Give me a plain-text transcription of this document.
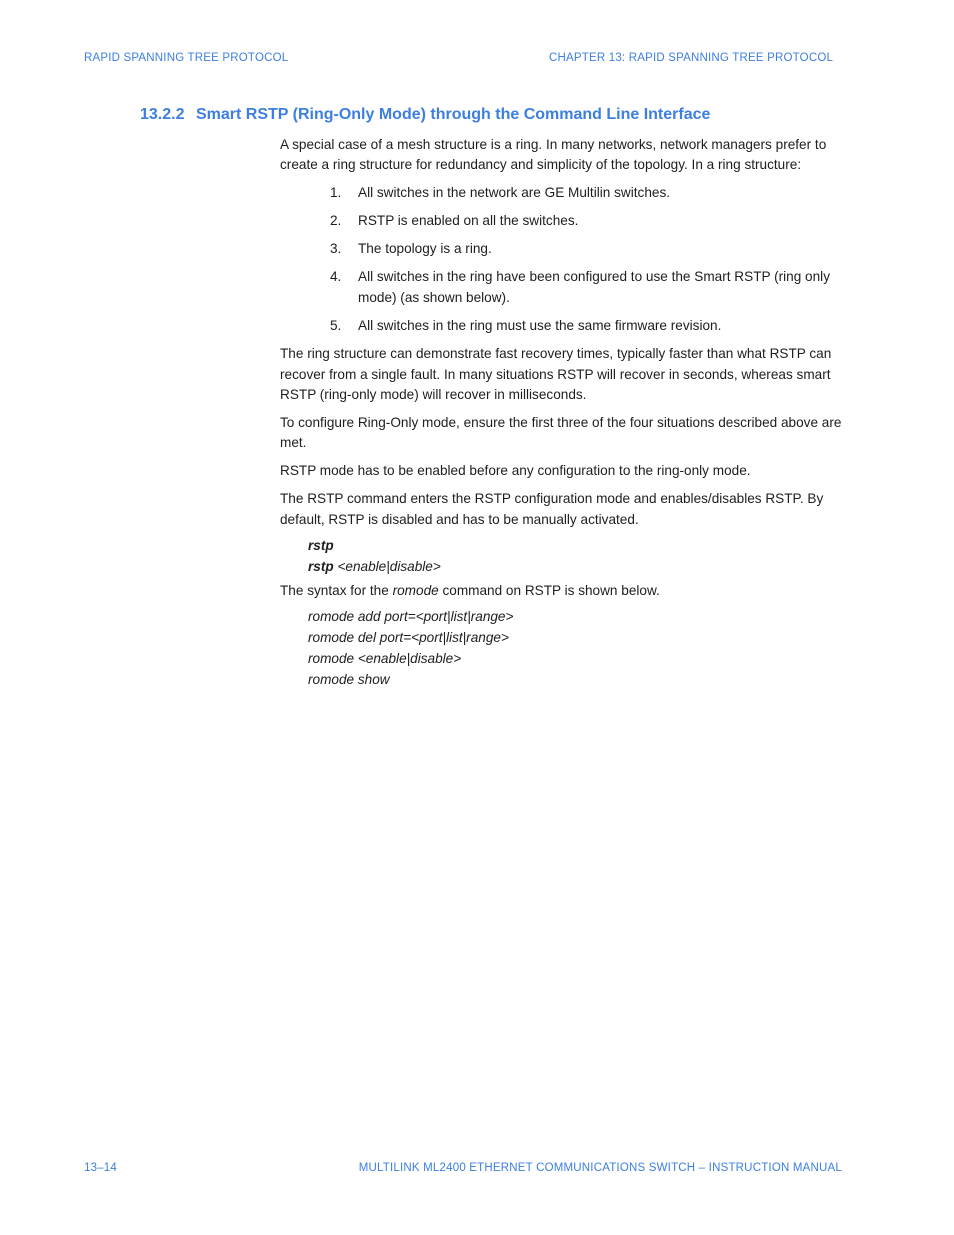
RAPID SPANNING TREE PROTOCOL	CHAPTER 13: RAPID SPANNING TREE PROTOCOL
13.2.2 Smart RSTP (Ring-Only Mode) through the Command Line Interface

A special case of a mesh structure is a ring. In many networks, network managers prefer to create a ring structure for redundancy and simplicity of the topology. In a ring structure:

1. All switches in the network are GE Multilin switches.
2. RSTP is enabled on all the switches.
3. The topology is a ring.
4. All switches in the ring have been configured to use the Smart RSTP (ring only mode) (as shown below).
5. All switches in the ring must use the same firmware revision.

The ring structure can demonstrate fast recovery times, typically faster than what RSTP can recover from a single fault. In many situations RSTP will recover in seconds, whereas smart RSTP (ring-only mode) will recover in milliseconds.

To configure Ring-Only mode, ensure the first three of the four situations described above are met.

RSTP mode has to be enabled before any configuration to the ring-only mode.

The RSTP command enters the RSTP configuration mode and enables/disables RSTP. By default, RSTP is disabled and has to be manually activated.

rstp
rstp <enable|disable>

The syntax for the romode command on RSTP is shown below.

romode add port=<port|list|range>
romode del port=<port|list|range>
romode <enable|disable>
romode show
13–14	MULTILINK ML2400 ETHERNET COMMUNICATIONS SWITCH – INSTRUCTION MANUAL
